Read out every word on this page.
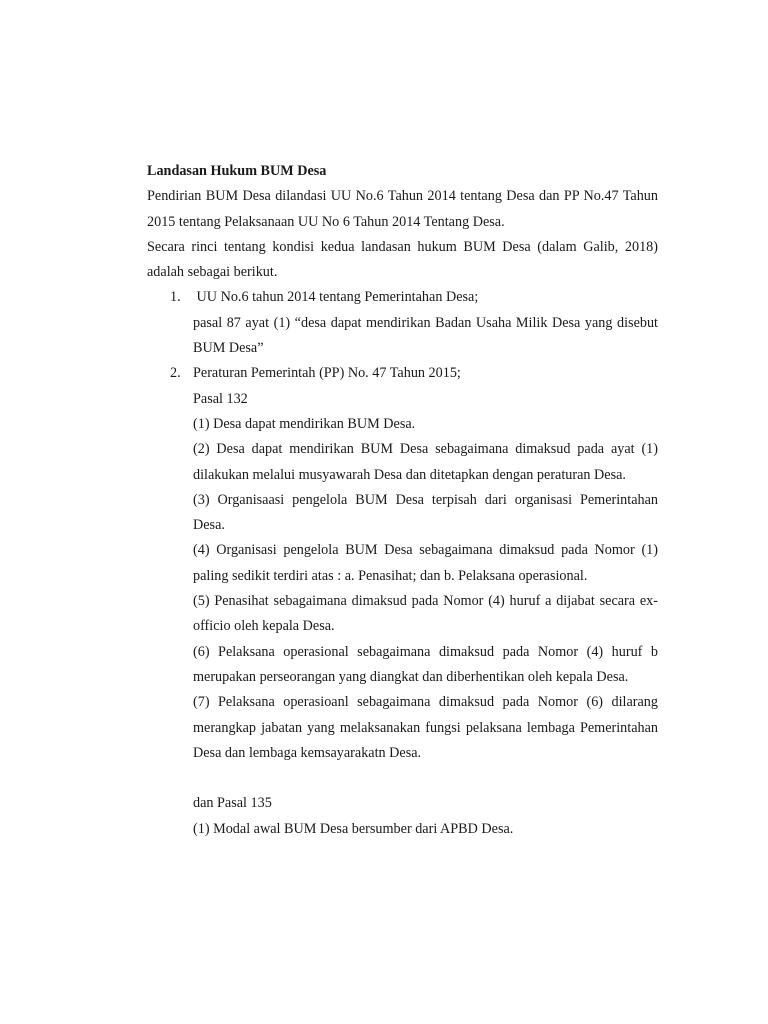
Landasan Hukum BUM Desa

Pendirian BUM Desa dilandasi UU No.6 Tahun 2014 tentang Desa dan PP No.47 Tahun 2015 tentang Pelaksanaan UU No 6 Tahun 2014 Tentang Desa.

Secara rinci tentang kondisi kedua landasan hukum BUM Desa (dalam Galib, 2018) adalah sebagai berikut.

1. UU No.6 tahun 2014 tentang Pemerintahan Desa;

pasal 87 ayat (1) “desa dapat mendirikan Badan Usaha Milik Desa yang disebut BUM Desa”

2. Peraturan Pemerintah (PP) No. 47 Tahun 2015;

Pasal 132

(1) Desa dapat mendirikan BUM Desa.

(2) Desa dapat mendirikan BUM Desa sebagaimana dimaksud pada ayat (1) dilakukan melalui musyawarah Desa dan ditetapkan dengan peraturan Desa.

(3) Organisaasi pengelola BUM Desa terpisah dari organisasi Pemerintahan Desa.

(4) Organisasi pengelola BUM Desa sebagaimana dimaksud pada Nomor (1) paling sedikit terdiri atas : a. Penasihat; dan b. Pelaksana operasional.

(5) Penasihat sebagaimana dimaksud pada Nomor (4) huruf a dijabat secara ex-officio oleh kepala Desa.

(6) Pelaksana operasional sebagaimana dimaksud pada Nomor (4) huruf b merupakan perseorangan yang diangkat dan diberhentikan oleh kepala Desa.

(7) Pelaksana operasioanl sebagaimana dimaksud pada Nomor (6) dilarang merangkap jabatan yang melaksanakan fungsi pelaksana lembaga Pemerintahan Desa dan lembaga kemsayarakatn Desa.

dan Pasal 135

(1) Modal awal BUM Desa bersumber dari APBD Desa.
